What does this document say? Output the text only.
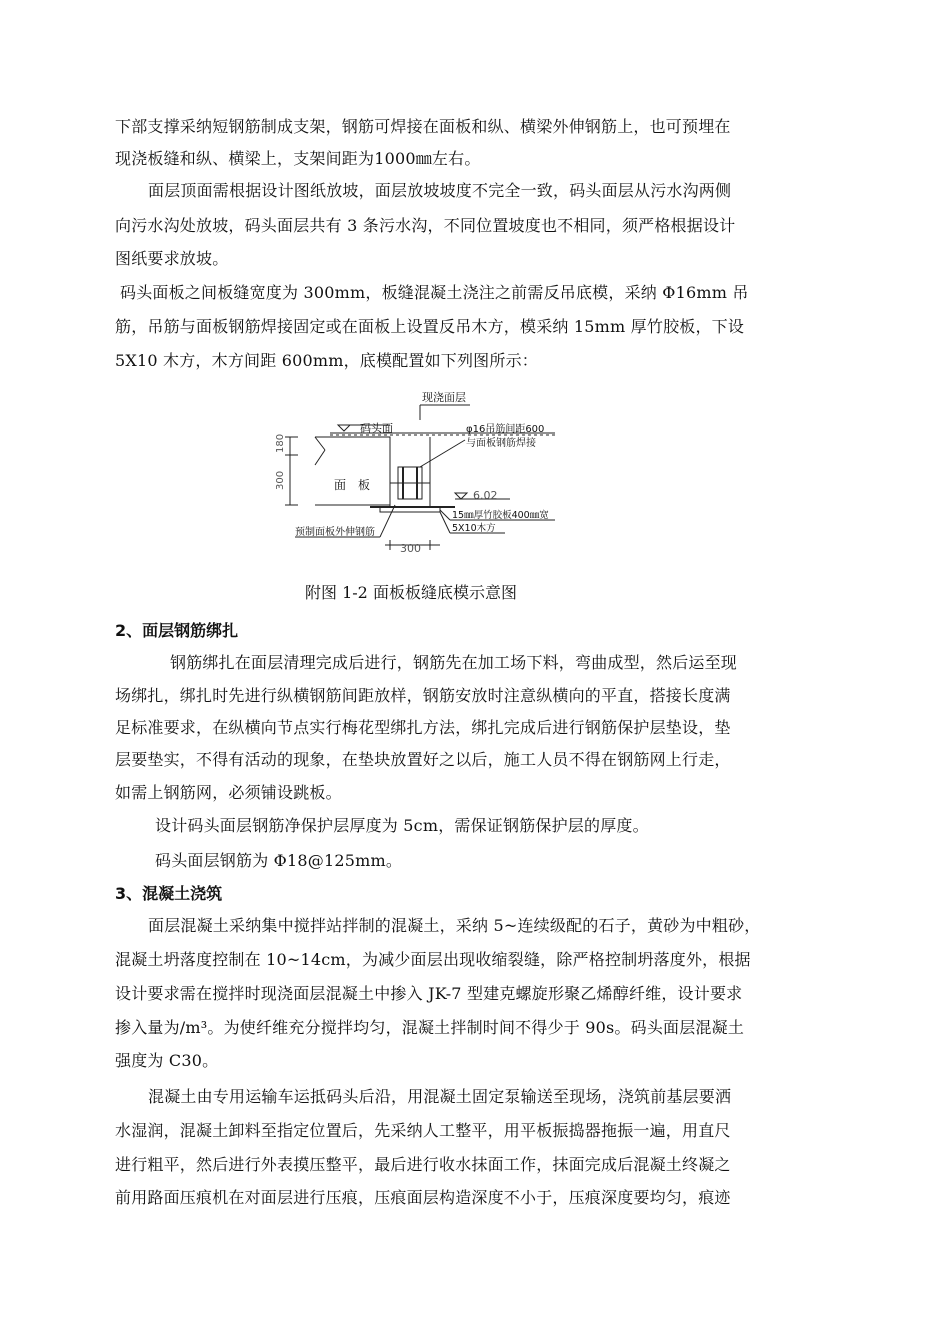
下部支撑采纳短钢筋制成支架，钢筋可焊接在面板和纵、横梁外伸钢筋上，也可预埋在
现浇板缝和纵、横梁上，支架间距为1000㎜左右。
面层顶面需根据设计图纸放坡，面层放坡坡度不完全一致，码头面层从污水沟两侧
向污水沟处放坡，码头面层共有 3 条污水沟，不同位置坡度也不相同，须严格根据设计
图纸要求放坡。
码头面板之间板缝宽度为 300mm，板缝混凝土浇注之前需反吊底模，采纳 Φ16mm 吊
筋，吊筋与面板钢筋焊接固定或在面板上设置反吊木方，模采纳 15mm 厚竹胶板，下设
5X10 木方，木方间距 600mm，底模配置如下列图所示：
现浇面层
码头面	φ16吊筋间距600
与面板钢筋焊接
面　板
180
300
6.02
15㎜厚竹胶板400㎜宽
5X10木方
预制面板外伸钢筋
300
附图 1-2 面板板缝底模示意图
2、面层钢筋绑扎
钢筋绑扎在面层清理完成后进行，钢筋先在加工场下料，弯曲成型，然后运至现
场绑扎，绑扎时先进行纵横钢筋间距放样，钢筋安放时注意纵横向的平直，搭接长度满
足标准要求，在纵横向节点实行梅花型绑扎方法，绑扎完成后进行钢筋保护层垫设，垫
层要垫实，不得有活动的现象，在垫块放置好之以后，施工人员不得在钢筋网上行走，
如需上钢筋网，必须铺设跳板。
设计码头面层钢筋净保护层厚度为 5cm，需保证钢筋保护层的厚度。
码头面层钢筋为 Φ18@125mm。
3、混凝土浇筑
面层混凝土采纳集中搅拌站拌制的混凝土，采纳 5~连续级配的石子，黄砂为中粗砂，
混凝土坍落度控制在 10~14cm，为减少面层出现收缩裂缝，除严格控制坍落度外，根据
设计要求需在搅拌时现浇面层混凝土中掺入 JK-7 型建克螺旋形聚乙烯醇纤维，设计要求
掺入量为/m³。为使纤维充分搅拌均匀，混凝土拌制时间不得少于 90s。码头面层混凝土
强度为 C30。
混凝土由专用运输车运抵码头后沿，用混凝土固定泵输送至现场，浇筑前基层要洒
水湿润，混凝土卸料至指定位置后，先采纳人工整平，用平板振捣器拖振一遍，用直尺
进行粗平，然后进行外表摸压整平，最后进行收水抹面工作，抹面完成后混凝土终凝之
前用路面压痕机在对面层进行压痕，压痕面层构造深度不小于，压痕深度要均匀，痕迹
